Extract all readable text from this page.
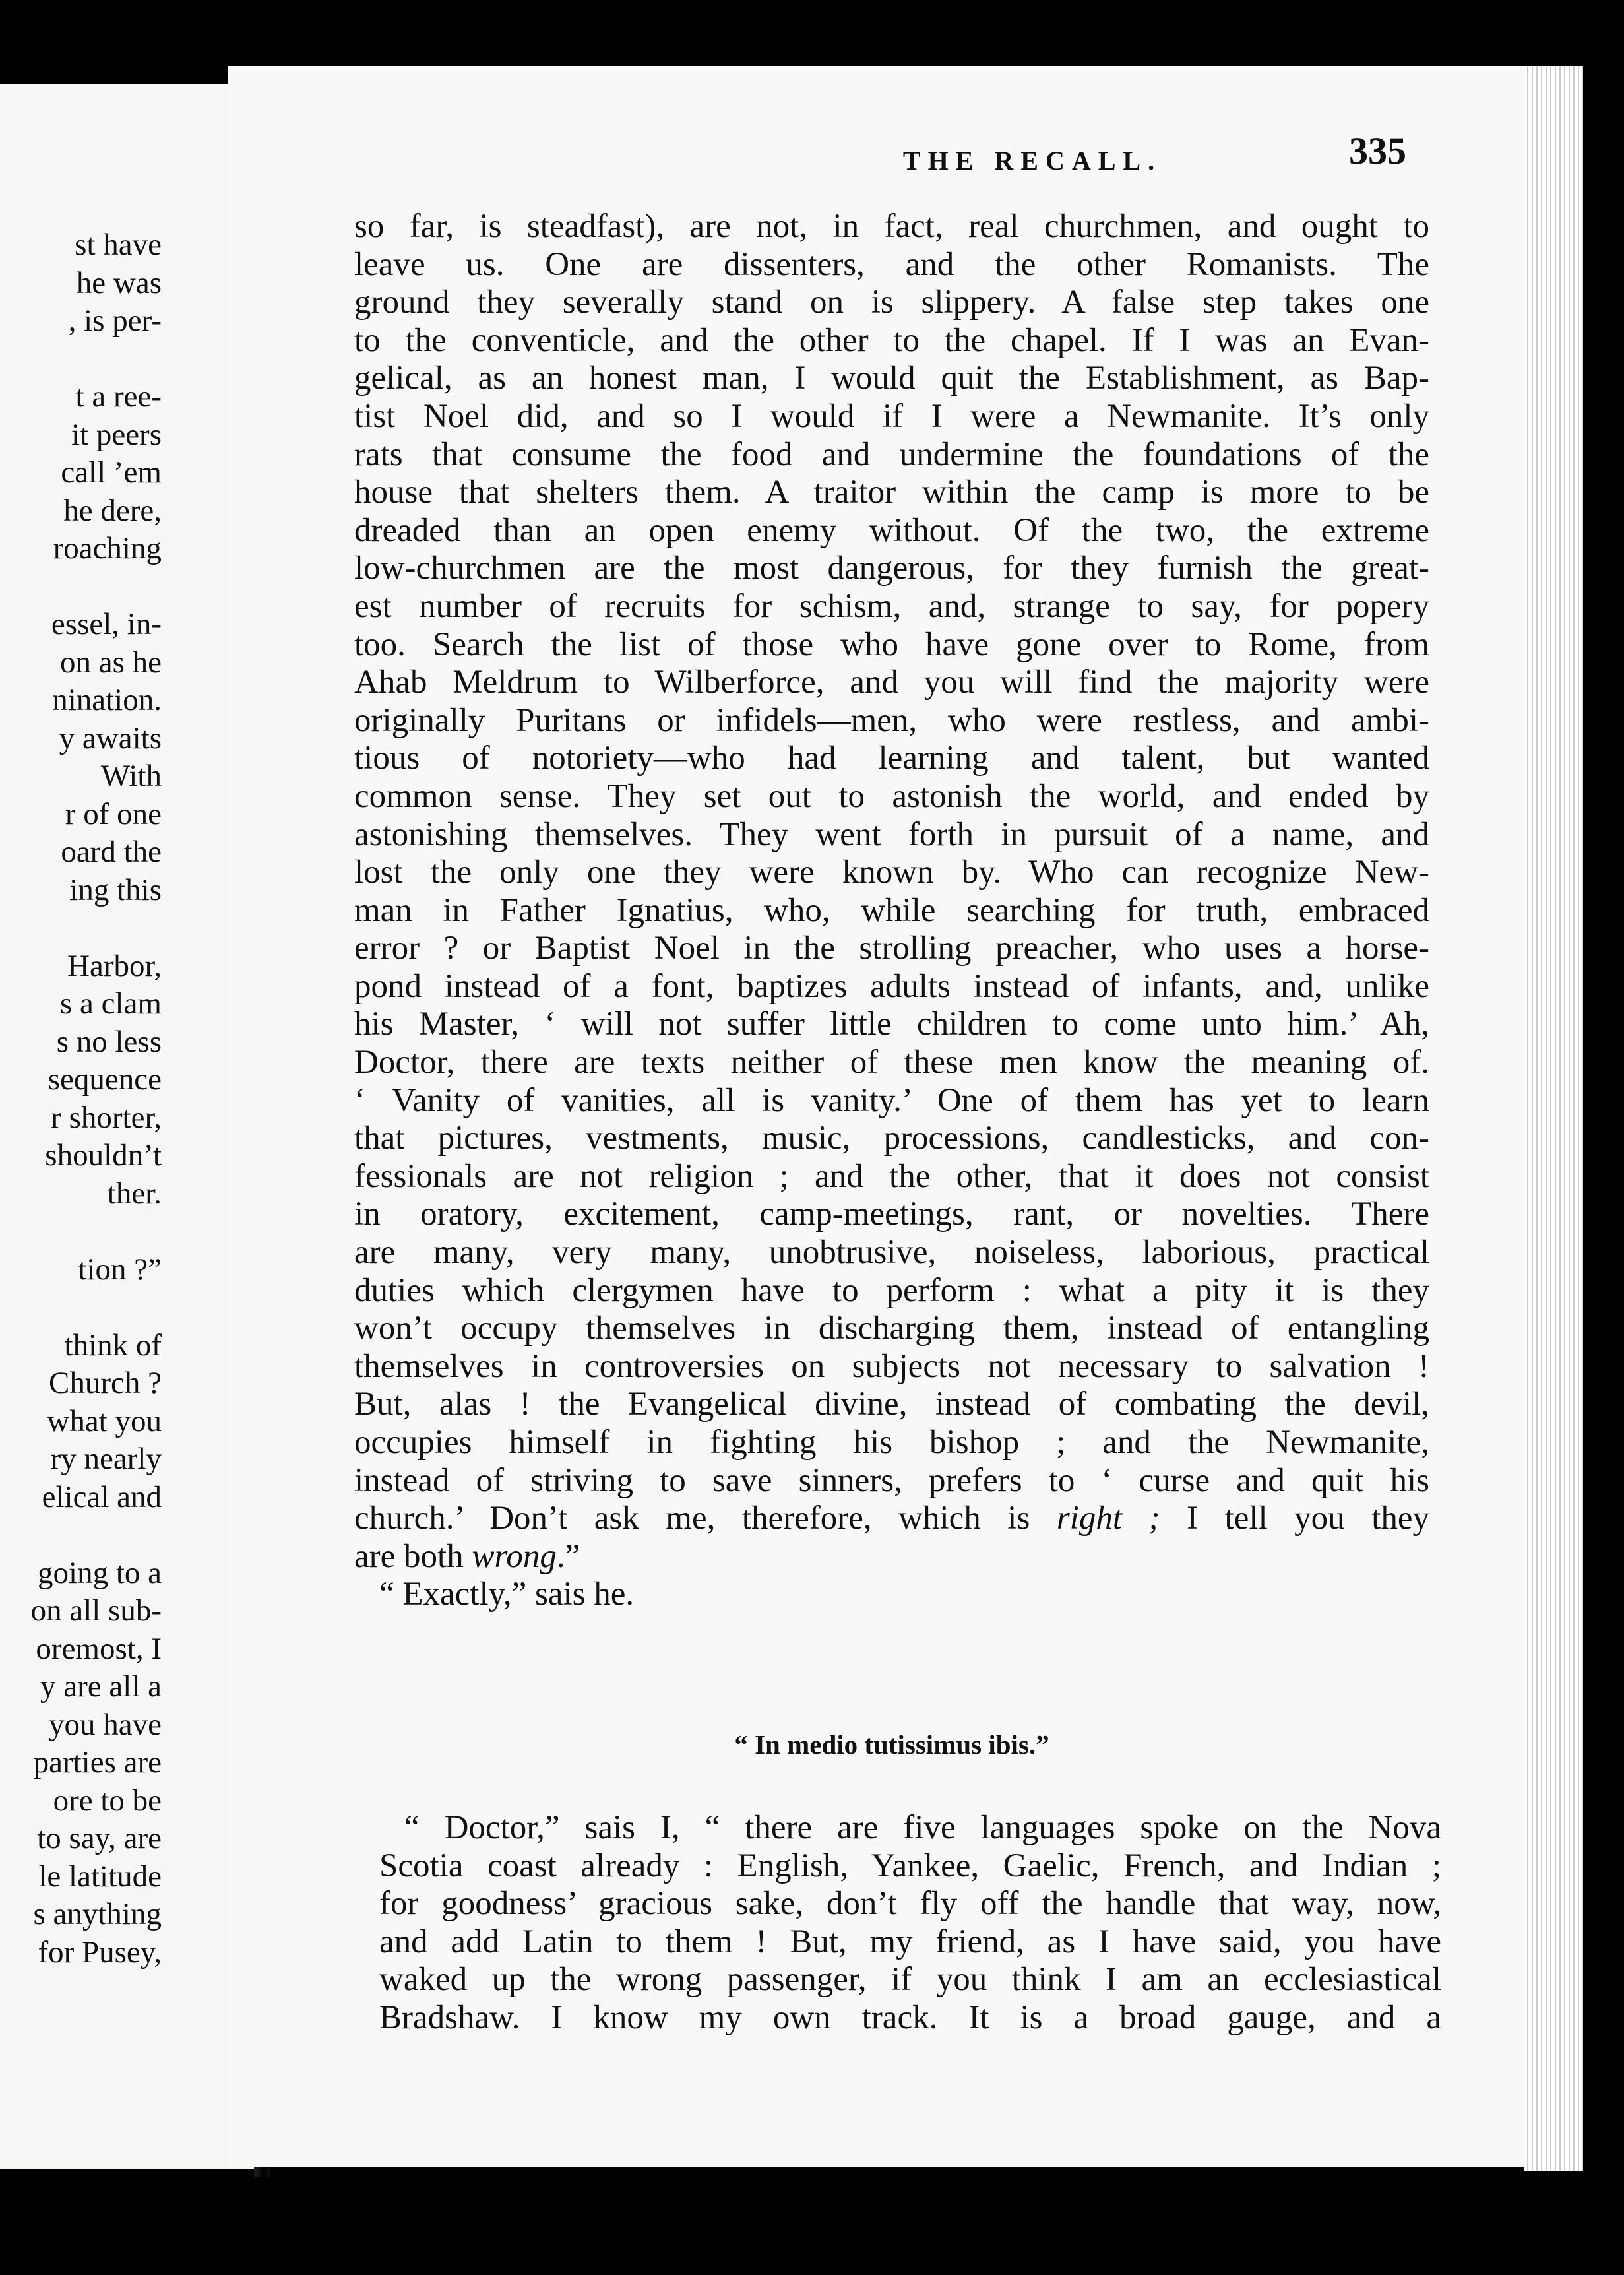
st have
he was
, is per-
t a ree-
it peers
call ’em
he dere,
roaching
essel, in-
on as he
nination.
y awaits
With
r of one
oard the
ing this
Harbor,
s a clam
s no less
sequence
r shorter,
shouldn’t
ther.
tion ?”
think of
Church ?
what you
ry nearly
elical and
going to a
on all sub-
oremost, I
y are all a
you have
parties are
ore to be
to say, are
le latitude
s anything
for Pusey,
THE RECALL.	335
so far, is steadfast), are not, in fact, real churchmen, and ought to
leave us. One are dissenters, and the other Romanists. The
ground they severally stand on is slippery. A false step takes one
to the conventicle, and the other to the chapel. If I was an Evan-
gelical, as an honest man, I would quit the Establishment, as Bap-
tist Noel did, and so I would if I were a Newmanite. It’s only
rats that consume the food and undermine the foundations of the
house that shelters them. A traitor within the camp is more to be
dreaded than an open enemy without. Of the two, the extreme
low-churchmen are the most dangerous, for they furnish the great-
est number of recruits for schism, and, strange to say, for popery
too. Search the list of those who have gone over to Rome, from
Ahab Meldrum to Wilberforce, and you will find the majority were
originally Puritans or infidels—men, who were restless, and ambi-
tious of notoriety—who had learning and talent, but wanted
common sense. They set out to astonish the world, and ended by
astonishing themselves. They went forth in pursuit of a name, and
lost the only one they were known by. Who can recognize New-
man in Father Ignatius, who, while searching for truth, embraced
error ? or Baptist Noel in the strolling preacher, who uses a horse-
pond instead of a font, baptizes adults instead of infants, and, unlike
his Master, ‘ will not suffer little children to come unto him.’ Ah,
Doctor, there are texts neither of these men know the meaning of.
‘ Vanity of vanities, all is vanity.’ One of them has yet to learn
that pictures, vestments, music, processions, candlesticks, and con-
fessionals are not religion ; and the other, that it does not consist
in oratory, excitement, camp-meetings, rant, or novelties. There
are many, very many, unobtrusive, noiseless, laborious, practical
duties which clergymen have to perform : what a pity it is they
won’t occupy themselves in discharging them, instead of entangling
themselves in controversies on subjects not necessary to salvation !
But, alas ! the Evangelical divine, instead of combating the devil,
occupies himself in fighting his bishop ; and the Newmanite,
instead of striving to save sinners, prefers to ‘ curse and quit his
church.’ Don’t ask me, therefore, which is right ; I tell you they
are both wrong.”
“ Exactly,” sais he.
“ In medio tutissimus ibis.”
“ Doctor,” sais I, “ there are five languages spoke on the Nova
Scotia coast already : English, Yankee, Gaelic, French, and Indian ;
for goodness’ gracious sake, don’t fly off the handle that way, now,
and add Latin to them ! But, my friend, as I have said, you have
waked up the wrong passenger, if you think I am an ecclesiastical
Bradshaw. I know my own track. It is a broad gauge, and a
